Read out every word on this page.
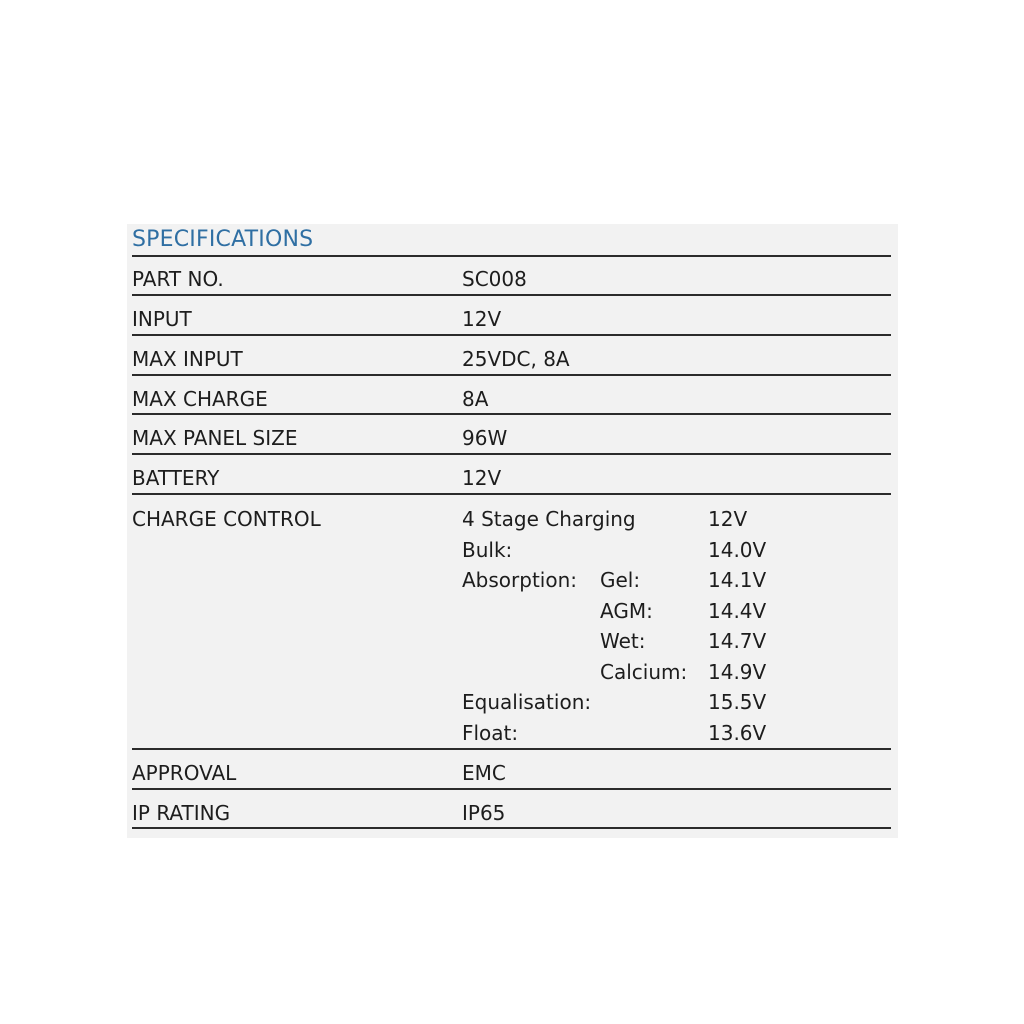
SPECIFICATIONS
PART NO.	SC008
INPUT	12V
MAX INPUT	25VDC, 8A
MAX CHARGE	8A
MAX PANEL SIZE	96W
BATTERY	12V
CHARGE CONTROL	4 Stage Charging	12V
Bulk:	14.0V
Absorption: Gel:	14.1V
AGM:	14.4V
Wet:	14.7V
Calcium: 14.9V
Equalisation:	15.5V
Float:	13.6V
APPROVAL	EMC
IP RATING	IP65
